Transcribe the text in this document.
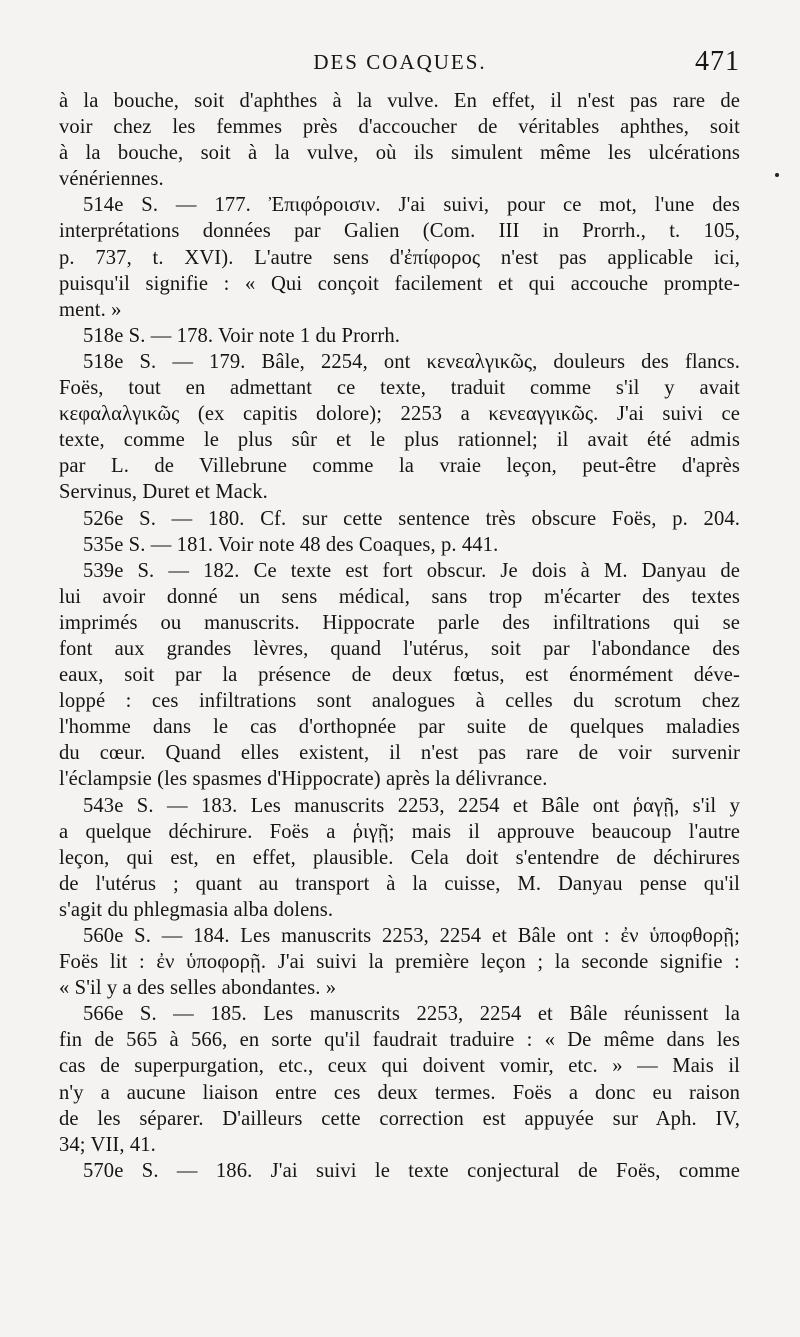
DES COAQUES.	471
à la bouche, soit d'aphthes à la vulve. En effet, il n'est pas rare de
voir chez les femmes près d'accoucher de véritables aphthes, soit
à la bouche, soit à la vulve, où ils simulent même les ulcérations
vénériennes.
514e S. — 177. Ἐπιφόροισιν. J'ai suivi, pour ce mot, l'une des
interprétations données par Galien (Com. III in Prorrh., t. 105,
p. 737, t. XVI). L'autre sens d'ἐπίφορος n'est pas applicable ici,
puisqu'il signifie : « Qui conçoit facilement et qui accouche prompte-
ment. »
518e S. — 178. Voir note 1 du Prorrh.
518e S. — 179. Bâle, 2254, ont κενεαλγικῶς, douleurs des flancs.
Foës, tout en admettant ce texte, traduit comme s'il y avait
κεφαλαλγικῶς (ex capitis dolore); 2253 a κενεαγγικῶς. J'ai suivi ce
texte, comme le plus sûr et le plus rationnel; il avait été admis
par L. de Villebrune comme la vraie leçon, peut-être d'après
Servinus, Duret et Mack.
526e S. — 180. Cf. sur cette sentence très obscure Foës, p. 204.
535e S. — 181. Voir note 48 des Coaques, p. 441.
539e S. — 182. Ce texte est fort obscur. Je dois à M. Danyau de
lui avoir donné un sens médical, sans trop m'écarter des textes
imprimés ou manuscrits. Hippocrate parle des infiltrations qui se
font aux grandes lèvres, quand l'utérus, soit par l'abondance des
eaux, soit par la présence de deux fœtus, est énormément déve-
loppé : ces infiltrations sont analogues à celles du scrotum chez
l'homme dans le cas d'orthopnée par suite de quelques maladies
du cœur. Quand elles existent, il n'est pas rare de voir survenir
l'éclampsie (les spasmes d'Hippocrate) après la délivrance.
543e S. — 183. Les manuscrits 2253, 2254 et Bâle ont ῥαγῇ, s'il y
a quelque déchirure. Foës a ῥιγῇ; mais il approuve beaucoup l'autre
leçon, qui est, en effet, plausible. Cela doit s'entendre de déchirures
de l'utérus ; quant au transport à la cuisse, M. Danyau pense qu'il
s'agit du phlegmasia alba dolens.
560e S. — 184. Les manuscrits 2253, 2254 et Bâle ont : ἐν ὑποφθορῇ;
Foës lit : ἐν ὑποφορῇ. J'ai suivi la première leçon ; la seconde signifie :
« S'il y a des selles abondantes. »
566e S. — 185. Les manuscrits 2253, 2254 et Bâle réunissent la
fin de 565 à 566, en sorte qu'il faudrait traduire : « De même dans les
cas de superpurgation, etc., ceux qui doivent vomir, etc. » — Mais il
n'y a aucune liaison entre ces deux termes. Foës a donc eu raison
de les séparer. D'ailleurs cette correction est appuyée sur Aph. IV,
34; VII, 41.
570e S. — 186. J'ai suivi le texte conjectural de Foës, comme
